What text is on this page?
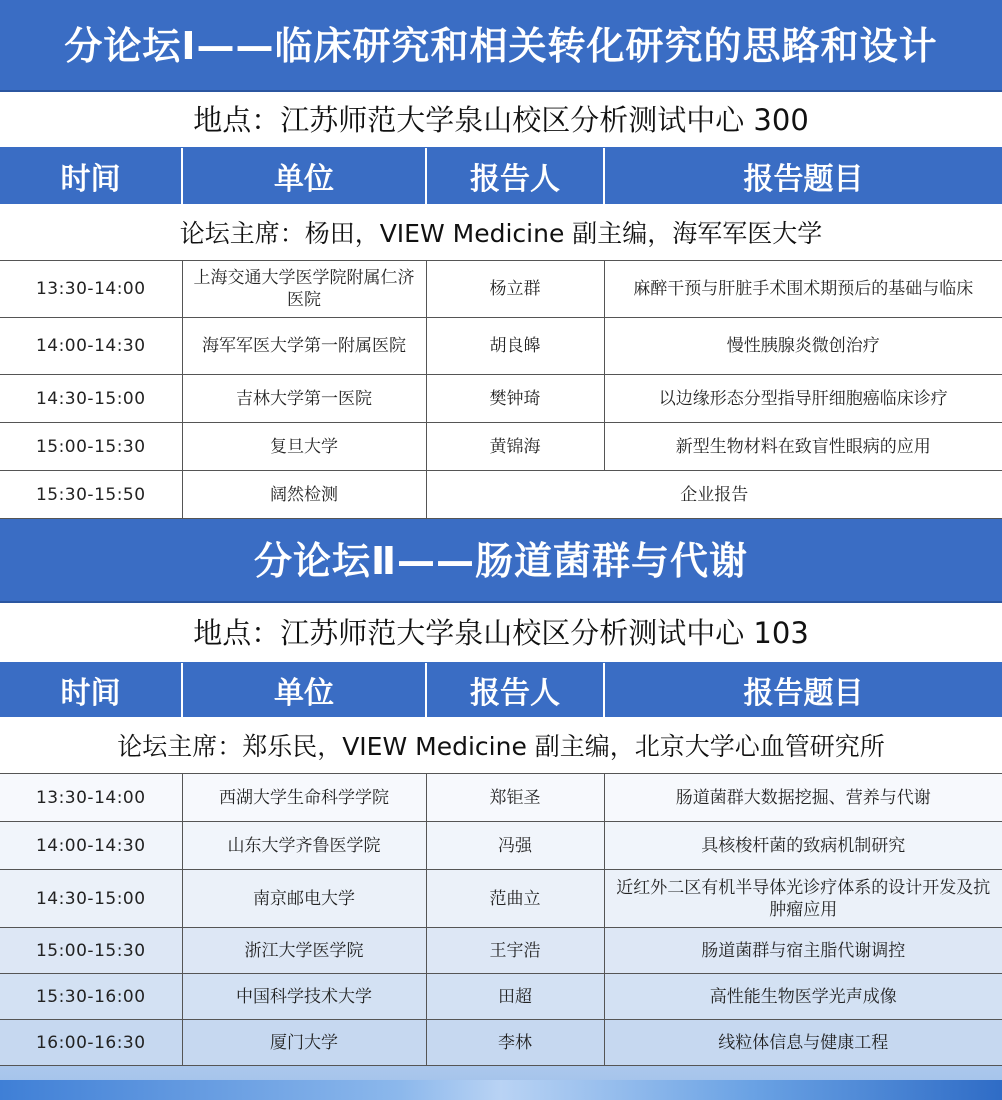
分论坛Ⅰ——临床研究和相关转化研究的思路和设计
地点：江苏师范大学泉山校区分析测试中心 300
时间	单位	报告人	报告题目
论坛主席：杨田，VIEW Medicine 副主编，海军军医大学			
13:30-14:00	上海交通大学医学院附属仁济医院	杨立群	麻醉干预与肝脏手术围术期预后的基础与临床
14:00-14:30	海军军医大学第一附属医院	胡良皞	慢性胰腺炎微创治疗
14:30-15:00	吉林大学第一医院	樊钟琦	以边缘形态分型指导肝细胞癌临床诊疗
15:00-15:30	复旦大学	黄锦海	新型生物材料在致盲性眼病的应用
15:30-15:50	阔然检测	企业报告	
分论坛Ⅱ——肠道菌群与代谢
地点：江苏师范大学泉山校区分析测试中心 103
时间	单位	报告人	报告题目
论坛主席：郑乐民，VIEW Medicine 副主编，北京大学心血管研究所			
13:30-14:00	西湖大学生命科学学院	郑钜圣	肠道菌群大数据挖掘、营养与代谢
14:00-14:30	山东大学齐鲁医学院	冯强	具核梭杆菌的致病机制研究
14:30-15:00	南京邮电大学	范曲立	近红外二区有机半导体光诊疗体系的设计开发及抗肿瘤应用
15:00-15:30	浙江大学医学院	王宇浩	肠道菌群与宿主脂代谢调控
15:30-16:00	中国科学技术大学	田超	高性能生物医学光声成像
16:00-16:30	厦门大学	李林	线粒体信息与健康工程
